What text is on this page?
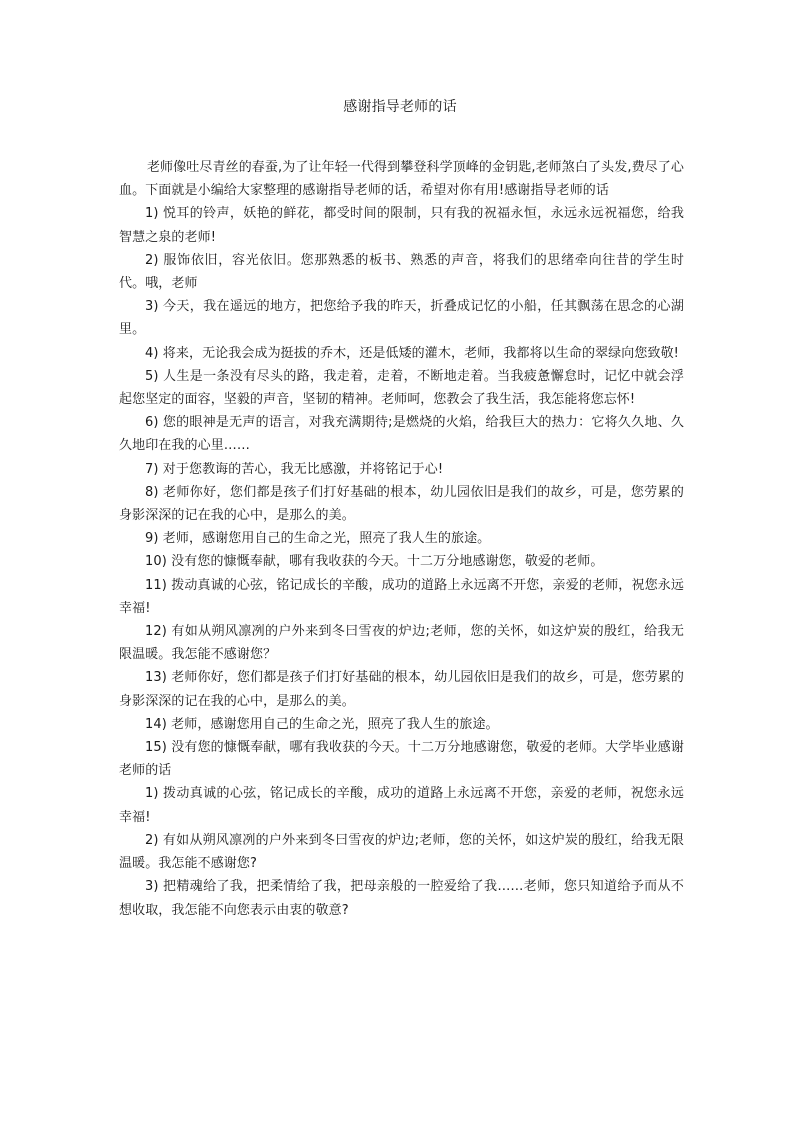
感谢指导老师的话

老师像吐尽青丝的春蚕,为了让年轻一代得到攀登科学顶峰的金钥匙,老师煞白了头发,费尽了心血。下面就是小编给大家整理的感谢指导老师的话，希望对你有用!感谢指导老师的话

1) 悦耳的铃声，妖艳的鲜花，都受时间的限制，只有我的祝福永恒，永远永远祝福您，给我智慧之泉的老师!

2) 服饰依旧，容光依旧。您那熟悉的板书、熟悉的声音，将我们的思绪牵向往昔的学生时代。哦，老师

3) 今天，我在遥远的地方，把您给予我的昨天，折叠成记忆的小船，任其飘荡在思念的心湖里。

4) 将来，无论我会成为挺拔的乔木，还是低矮的灌木，老师，我都将以生命的翠绿向您致敬!

5) 人生是一条没有尽头的路，我走着，走着，不断地走着。当我疲惫懈怠时，记忆中就会浮起您坚定的面容，坚毅的声音，坚韧的精神。老师呵，您教会了我生活，我怎能将您忘怀!

6) 您的眼神是无声的语言，对我充满期待;是燃烧的火焰，给我巨大的热力：它将久久地、久久地印在我的心里……

7) 对于您教诲的苦心，我无比感激，并将铭记于心!

8) 老师你好，您们都是孩子们打好基础的根本，幼儿园依旧是我们的故乡，可是，您劳累的身影深深的记在我的心中，是那么的美。

9) 老师，感谢您用自己的生命之光，照亮了我人生的旅途。

10) 没有您的慷慨奉献，哪有我收获的今天。十二万分地感谢您，敬爱的老师。

11) 拨动真诚的心弦，铭记成长的辛酸，成功的道路上永远离不开您，亲爱的老师，祝您永远幸福!

12) 有如从朔风凛冽的户外来到冬曰雪夜的炉边;老师，您的关怀，如这炉炭的殷红，给我无限温暖。我怎能不感谢您？

13) 老师你好，您们都是孩子们打好基础的根本，幼儿园依旧是我们的故乡，可是，您劳累的身影深深的记在我的心中，是那么的美。

14) 老师，感谢您用自己的生命之光，照亮了我人生的旅途。

15) 没有您的慷慨奉献，哪有我收获的今天。十二万分地感谢您，敬爱的老师。大学毕业感谢老师的话

1) 拨动真诚的心弦，铭记成长的辛酸，成功的道路上永远离不开您，亲爱的老师，祝您永远幸福!

2) 有如从朔风凛冽的户外来到冬曰雪夜的炉边;老师，您的关怀，如这炉炭的殷红，给我无限温暖。我怎能不感谢您?

3) 把精魂给了我，把柔情给了我，把母亲般的一腔爱给了我……老师，您只知道给予而从不想收取，我怎能不向您表示由衷的敬意?
